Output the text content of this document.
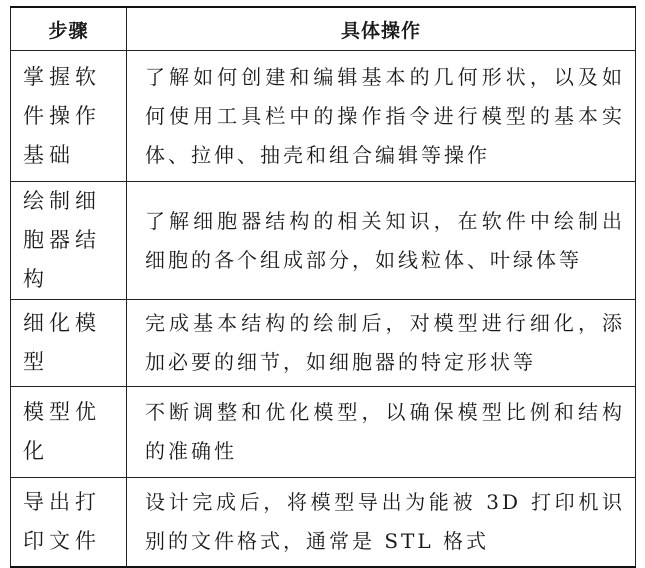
步骤	具体操作
掌握软件操作基础	了解如何创建和编辑基本的几何形状，以及如何使用工具栏中的操作指令进行模型的基本实体、拉伸、抽壳和组合编辑等操作
绘制细胞器结构	了解细胞器结构的相关知识，在软件中绘制出细胞的各个组成部分，如线粒体、叶绿体等
细化模型	完成基本结构的绘制后，对模型进行细化，添加必要的细节，如细胞器的特定形状等
模型优化	不断调整和优化模型，以确保模型比例和结构的准确性
导出打印文件	设计完成后，将模型导出为能被 3D 打印机识别的文件格式，通常是 STL 格式
